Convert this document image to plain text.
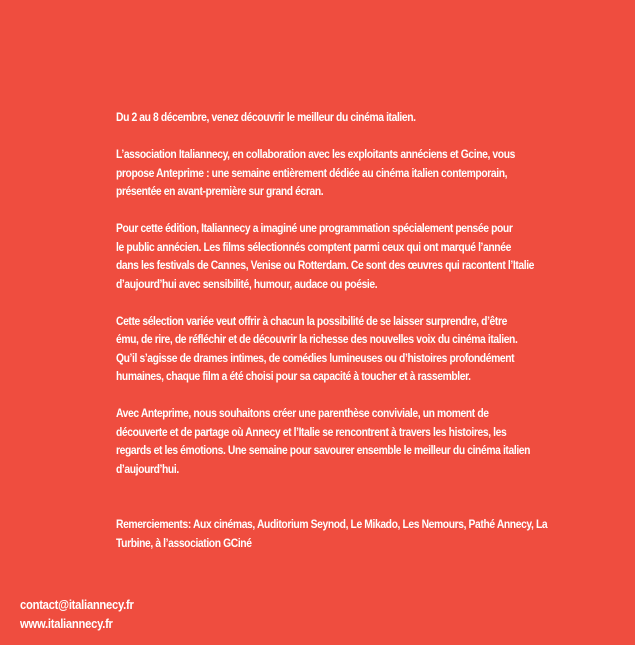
Du 2 au 8 décembre, venez découvrir le meilleur du cinéma italien.

L’association Italiannecy, en collaboration avec les exploitants annéciens et Gcine, vous
propose Anteprime : une semaine entièrement dédiée au cinéma italien contemporain,
présentée en avant-première sur grand écran.

Pour cette édition, Italiannecy a imaginé une programmation spécialement pensée pour
le public annécien. Les films sélectionnés comptent parmi ceux qui ont marqué l’année
dans les festivals de Cannes, Venise ou Rotterdam. Ce sont des œuvres qui racontent l’Italie
d’aujourd’hui avec sensibilité, humour, audace ou poésie.

Cette sélection variée veut offrir à chacun la possibilité de se laisser surprendre, d’être
ému, de rire, de réfléchir et de découvrir la richesse des nouvelles voix du cinéma italien.
Qu’il s’agisse de drames intimes, de comédies lumineuses ou d’histoires profondément
humaines, chaque film a été choisi pour sa capacité à toucher et à rassembler.

Avec Anteprime, nous souhaitons créer une parenthèse conviviale, un moment de
découverte et de partage où Annecy et l’Italie se rencontrent à travers les histoires, les
regards et les émotions. Une semaine pour savourer ensemble le meilleur du cinéma italien
d’aujourd’hui.

Remerciements: Aux cinémas, Auditorium Seynod, Le Mikado, Les Nemours, Pathé Annecy, La
Turbine, à l’association GCiné

contact@italiannecy.fr
www.italiannecy.fr
